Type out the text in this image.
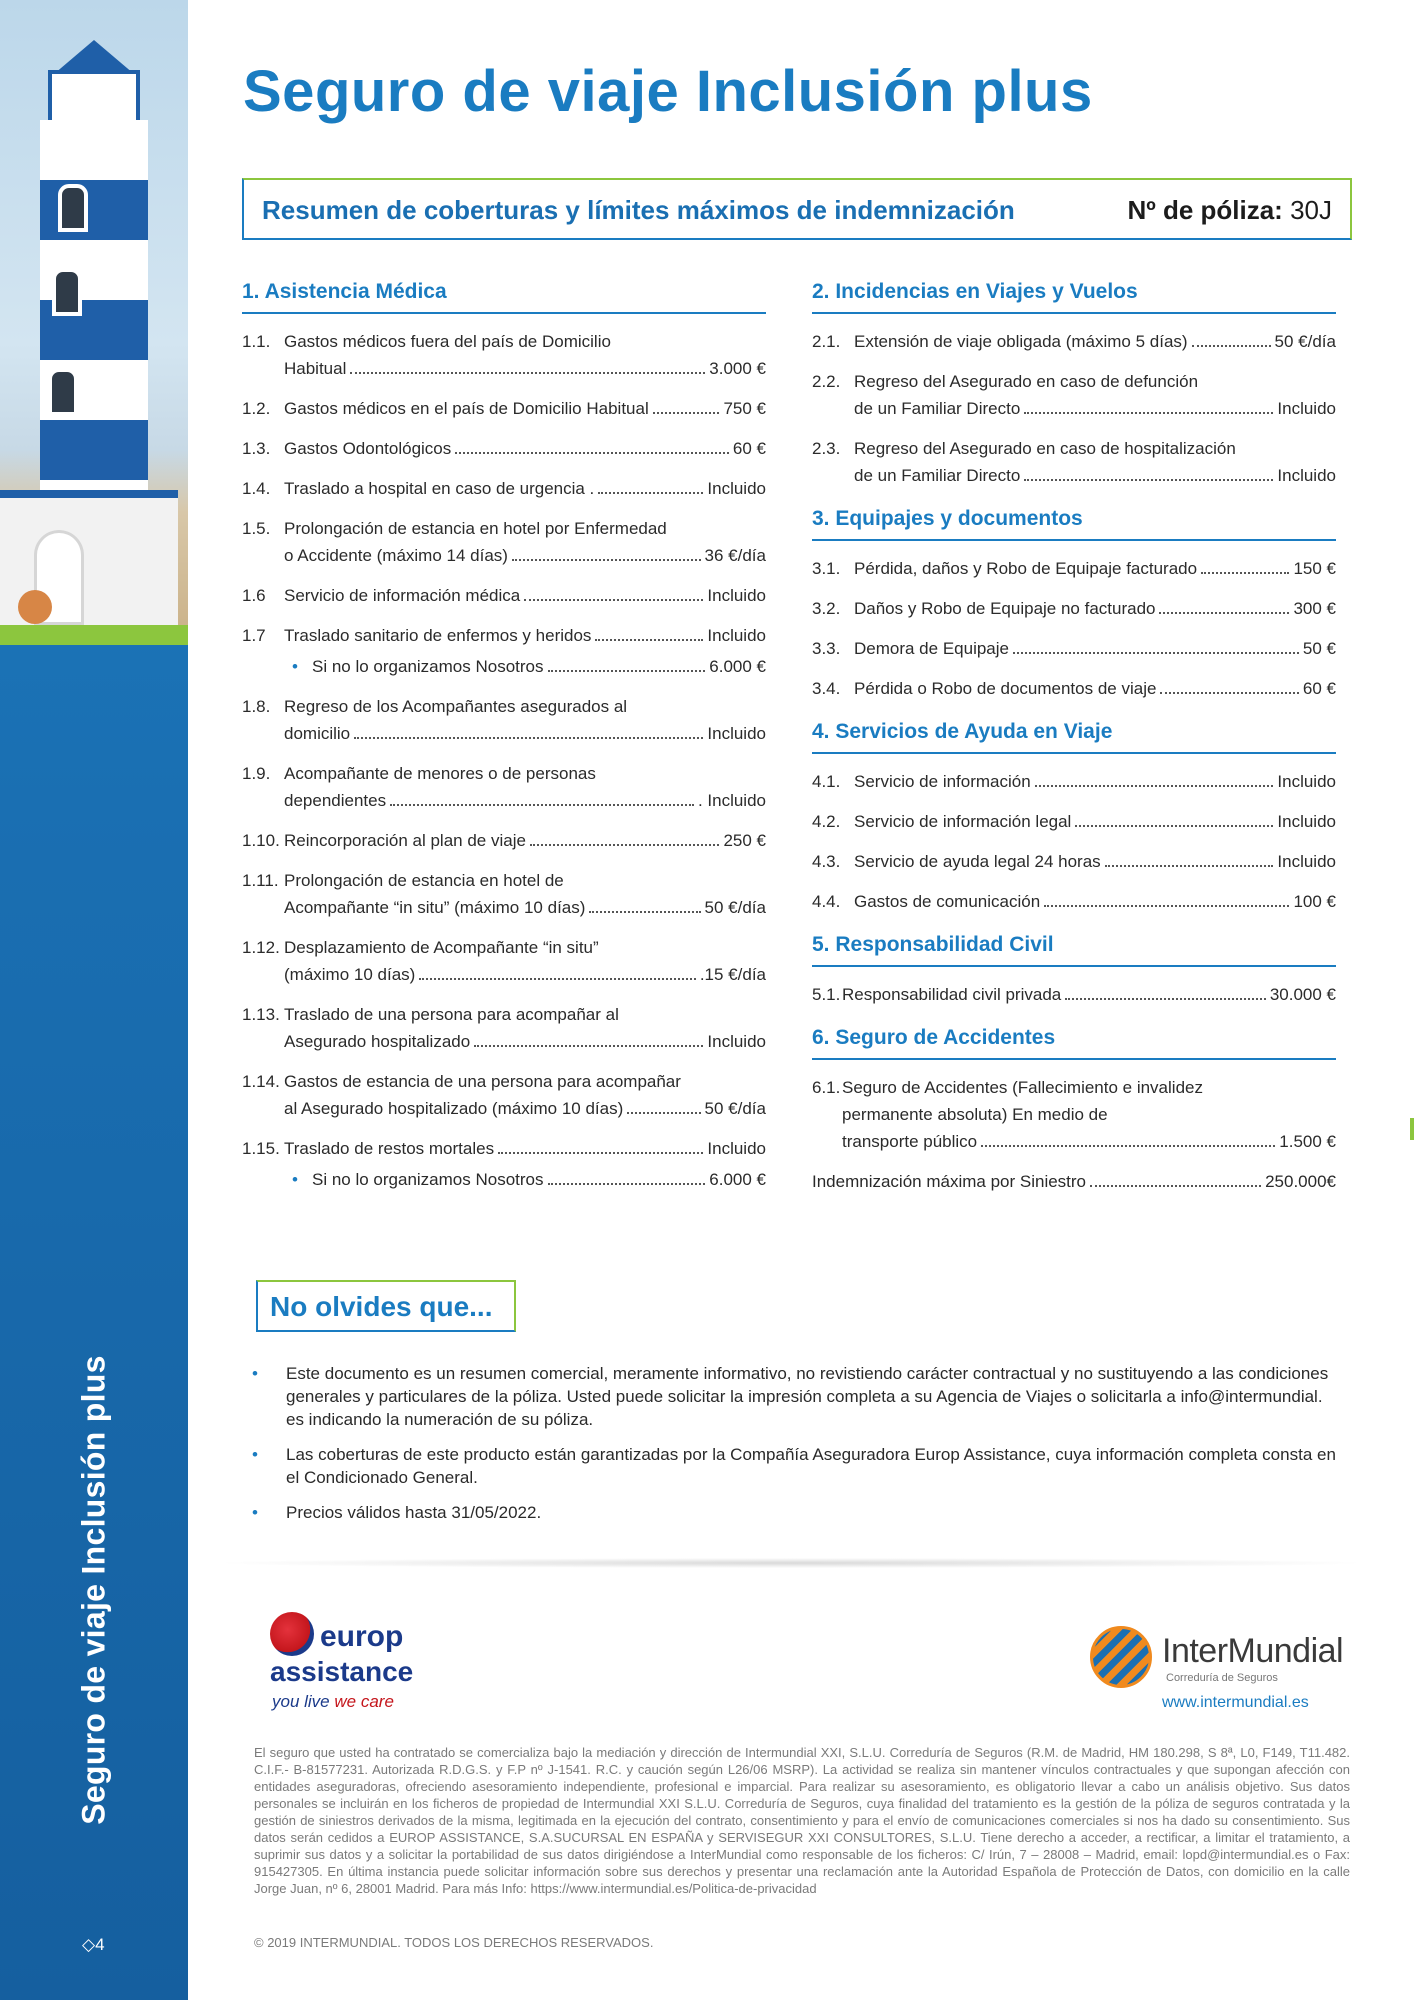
Seguro de viaje Inclusión plus
◇4
Seguro de viaje Inclusión plus
Resumen de coberturas y límites máximos de indemnización	Nº de póliza: 30J
1. Asistencia Médica
1.1. Gastos médicos fuera del país de Domicilio
Habitual	3.000 €
1.2. Gastos médicos en el país de Domicilio Habitual	750 €
1.3. Gastos Odontológicos	60 €
1.4. Traslado a hospital en caso de urgencia .	Incluido
1.5. Prolongación de estancia en hotel por Enfermedad
o Accidente (máximo 14 días)	36 €/día
1.6	Servicio de información médica	Incluido
1.7	Traslado sanitario de enfermos y heridos	Incluido
• Si no lo organizamos Nosotros	6.000 €
1.8. Regreso de los Acompañantes asegurados al
domicilio	Incluido
1.9. Acompañante de menores o de personas
dependientes	. Incluido
1.10. Reincorporación al plan de viaje	250 €
1.11. Prolongación de estancia en hotel de
Acompañante “in situ” (máximo 10 días)	50 €/día
1.12. Desplazamiento de Acompañante “in situ”
(máximo 10 días)	.15 €/día
1.13. Traslado de una persona para acompañar al
Asegurado hospitalizado	Incluido
1.14. Gastos de estancia de una persona para acompañar
al Asegurado hospitalizado (máximo 10 días)	50 €/día
1.15. Traslado de restos mortales	Incluido
• Si no lo organizamos Nosotros	6.000 €
2. Incidencias en Viajes y Vuelos
2.1. Extensión de viaje obligada (máximo 5 días)	50 €/día
2.2. Regreso del Asegurado en caso de defunción
de un Familiar Directo	Incluido
2.3. Regreso del Asegurado en caso de hospitalización
de un Familiar Directo	Incluido
3. Equipajes y documentos
3.1. Pérdida, daños y Robo de Equipaje facturado	150 €
3.2. Daños y Robo de Equipaje no facturado	300 €
3.3. Demora de Equipaje	50 €
3.4. Pérdida o Robo de documentos de viaje	60 €
4. Servicios de Ayuda en Viaje
4.1. Servicio de información	Incluido
4.2. Servicio de información legal	Incluido
4.3. Servicio de ayuda legal 24 horas	Incluido
4.4. Gastos de comunicación	100 €
5. Responsabilidad Civil
5.1. Responsabilidad civil privada	30.000 €
6. Seguro de Accidentes
6.1. Seguro de Accidentes (Fallecimiento e invalidez
permanente absoluta) En medio de
transporte público	1.500 €
Indemnización máxima por Siniestro	250.000€
No olvides que...
•	Este documento es un resumen comercial, meramente informativo, no revistiendo carácter contractual y no sustituyendo a las condiciones generales y particulares de la póliza. Usted puede solicitar la impresión completa a su Agencia de Viajes o solicitarla a info@intermundial. es indicando la numeración de su póliza.
•	Las coberturas de este producto están garantizadas por la Compañía Aseguradora Europ Assistance, cuya información completa consta en el Condicionado General.
•	Precios válidos hasta 31/05/2022.
europ
assistance
you live we care
InterMundial
Correduría de Seguros
www.intermundial.es

El seguro que usted ha contratado se comercializa bajo la mediación y dirección de Intermundial XXI, S.L.U. Correduría de Seguros (R.M. de Madrid, HM 180.298, S 8ª, L0, F149, T11.482. C.I.F.- B-81577231. Autorizada R.D.G.S. y F.P nº J-1541. R.C. y caución según L26/06 MSRP). La actividad se realiza sin mantener vínculos contractuales y que supongan afección con entidades aseguradoras, ofreciendo asesoramiento independiente, profesional e imparcial. Para realizar su asesoramiento, es obligatorio llevar a cabo un análisis objetivo. Sus datos personales se incluirán en los ficheros de propiedad de Intermundial XXI S.L.U. Correduría de Seguros, cuya finalidad del tratamiento es la gestión de la póliza de seguros contratada y la gestión de siniestros derivados de la misma, legitimada en la ejecución del contrato, consentimiento y para el envío de comunicaciones comerciales si nos ha dado su consentimiento. Sus datos serán cedidos a EUROP ASSISTANCE, S.A.SUCURSAL EN ESPAÑA y SERVISEGUR XXI CONSULTORES, S.L.U. Tiene derecho a acceder, a rectificar, a limitar el tratamiento, a suprimir sus datos y a solicitar la portabilidad de sus datos dirigiéndose a InterMundial como responsable de los ficheros: C/ Irún, 7 – 28008 – Madrid, email: lopd@intermundial.es o Fax: 915427305. En última instancia puede solicitar información sobre sus derechos y presentar una reclamación ante la Autoridad Española de Protección de Datos, con domicilio en la calle Jorge Juan, nº 6, 28001 Madrid. Para más Info: https://www.intermundial.es/Politica-de-privacidad

© 2019 INTERMUNDIAL. TODOS LOS DERECHOS RESERVADOS.
